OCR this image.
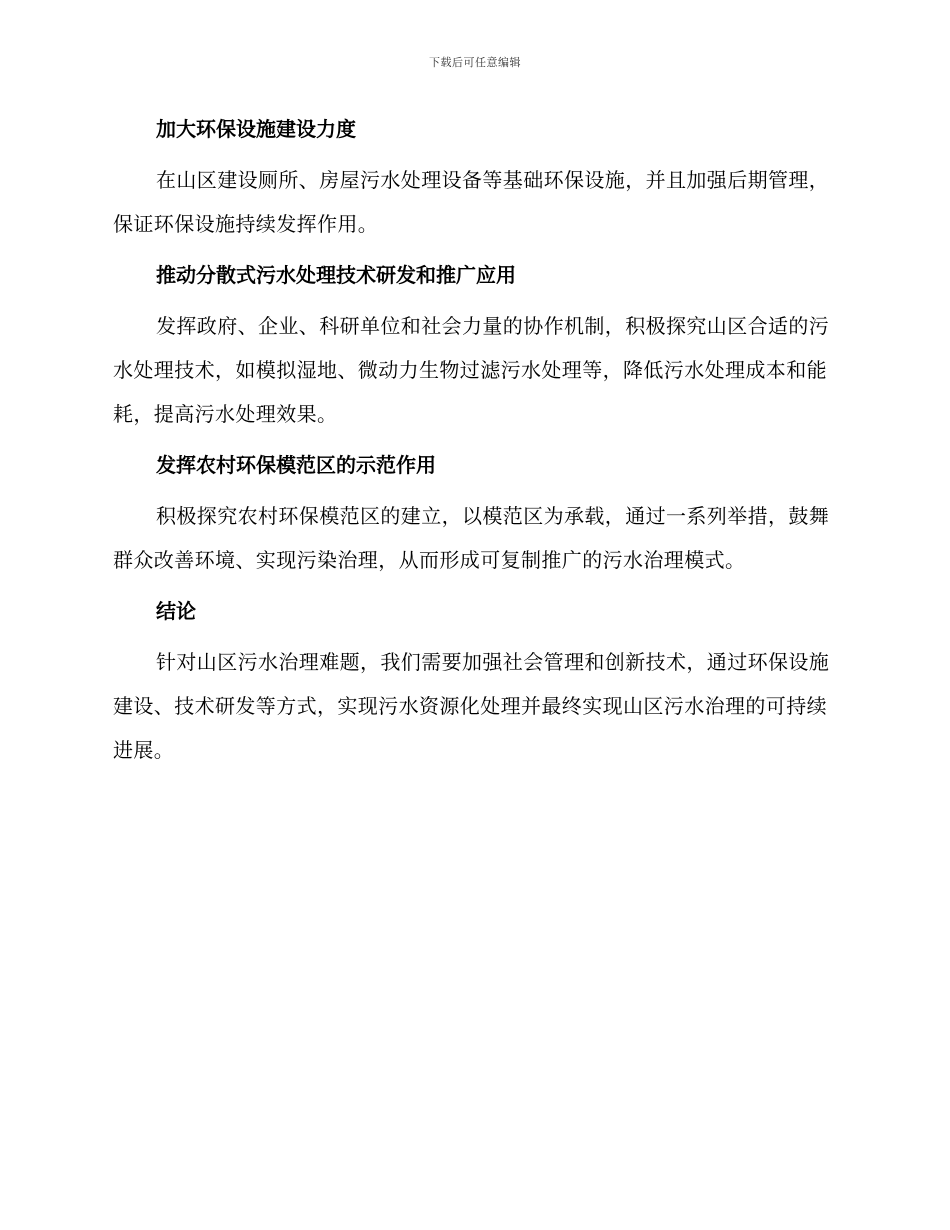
下载后可任意编辑
加大环保设施建设力度

在山区建设厕所、房屋污水处理设备等基础环保设施，并且加强后期管理，保证环保设施持续发挥作用。

推动分散式污水处理技术研发和推广应用

发挥政府、企业、科研单位和社会力量的协作机制，积极探究山区合适的污水处理技术，如模拟湿地、微动力生物过滤污水处理等，降低污水处理成本和能耗，提高污水处理效果。

发挥农村环保模范区的示范作用

积极探究农村环保模范区的建立，以模范区为承载，通过一系列举措，鼓舞群众改善环境、实现污染治理，从而形成可复制推广的污水治理模式。

结论

针对山区污水治理难题，我们需要加强社会管理和创新技术，通过环保设施建设、技术研发等方式，实现污水资源化处理并最终实现山区污水治理的可持续进展。
